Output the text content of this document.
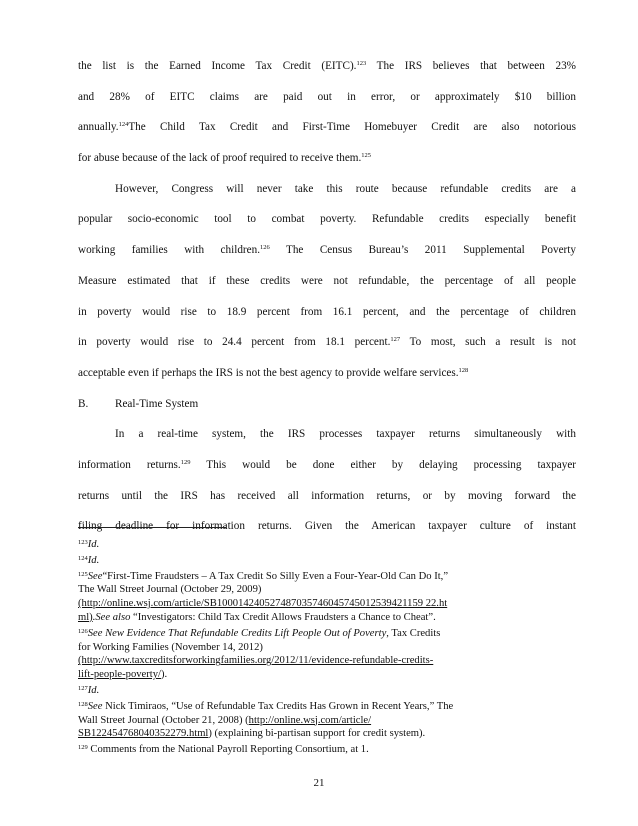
the list is the Earned Income Tax Credit (EITC).$^{123}$ The IRS believes that between 23%
and 28% of EITC claims are paid out in error, or approximately $10 billion
annually.$^{124}$The Child Tax Credit and First-Time Homebuyer Credit are also notorious
for abuse because of the lack of proof required to receive them.$^{125}$
However, Congress will never take this route because refundable credits are a
popular socio-economic tool to combat poverty. Refundable credits especially benefit
working families with children.$^{126}$ The Census Bureau’s 2011 Supplemental Poverty
Measure estimated that if these credits were not refundable, the percentage of all people
in poverty would rise to 18.9 percent from 16.1 percent, and the percentage of children
in poverty would rise to 24.4 percent from 18.1 percent.$^{127}$ To most, such a result is not
acceptable even if perhaps the IRS is not the best agency to provide welfare services.$^{128}$
B.	Real-Time System
In a real-time system, the IRS processes taxpayer returns simultaneously with
information returns.$^{129}$ This would be done either by delaying processing taxpayer
returns until the IRS has received all information returns, or by moving forward the
filing deadline for information returns. Given the American taxpayer culture of instant

$^{123}$Id.

$^{124}$Id.

$^{125}$See“First-Time Fraudsters – A Tax Credit So Silly Even a Four-Year-Old Can Do It,”

The Wall Street Journal (October 29, 2009)

(http://online.wsj.com/article/SB100014240527487035746045745012539421159 22.ht

ml).See also “Investigators: Child Tax Credit Allows Fraudsters a Chance to Cheat”.

$^{126}$See New Evidence That Refundable Credits Lift People Out of Poverty, Tax Credits

for Working Families (November 14, 2012)

(http://www.taxcreditsforworkingfamilies.org/2012/11/evidence-refundable-credits-

lift-people-poverty/).

$^{127}$Id.

$^{128}$See Nick Timiraos, “Use of Refundable Tax Credits Has Grown in Recent Years,” The

Wall Street Journal (October 21, 2008) (http://online.wsj.com/article/

SB122454768040352279.html) (explaining bi-partisan support for credit system).

$^{129}$ Comments from the National Payroll Reporting Consortium, at 1.

21
